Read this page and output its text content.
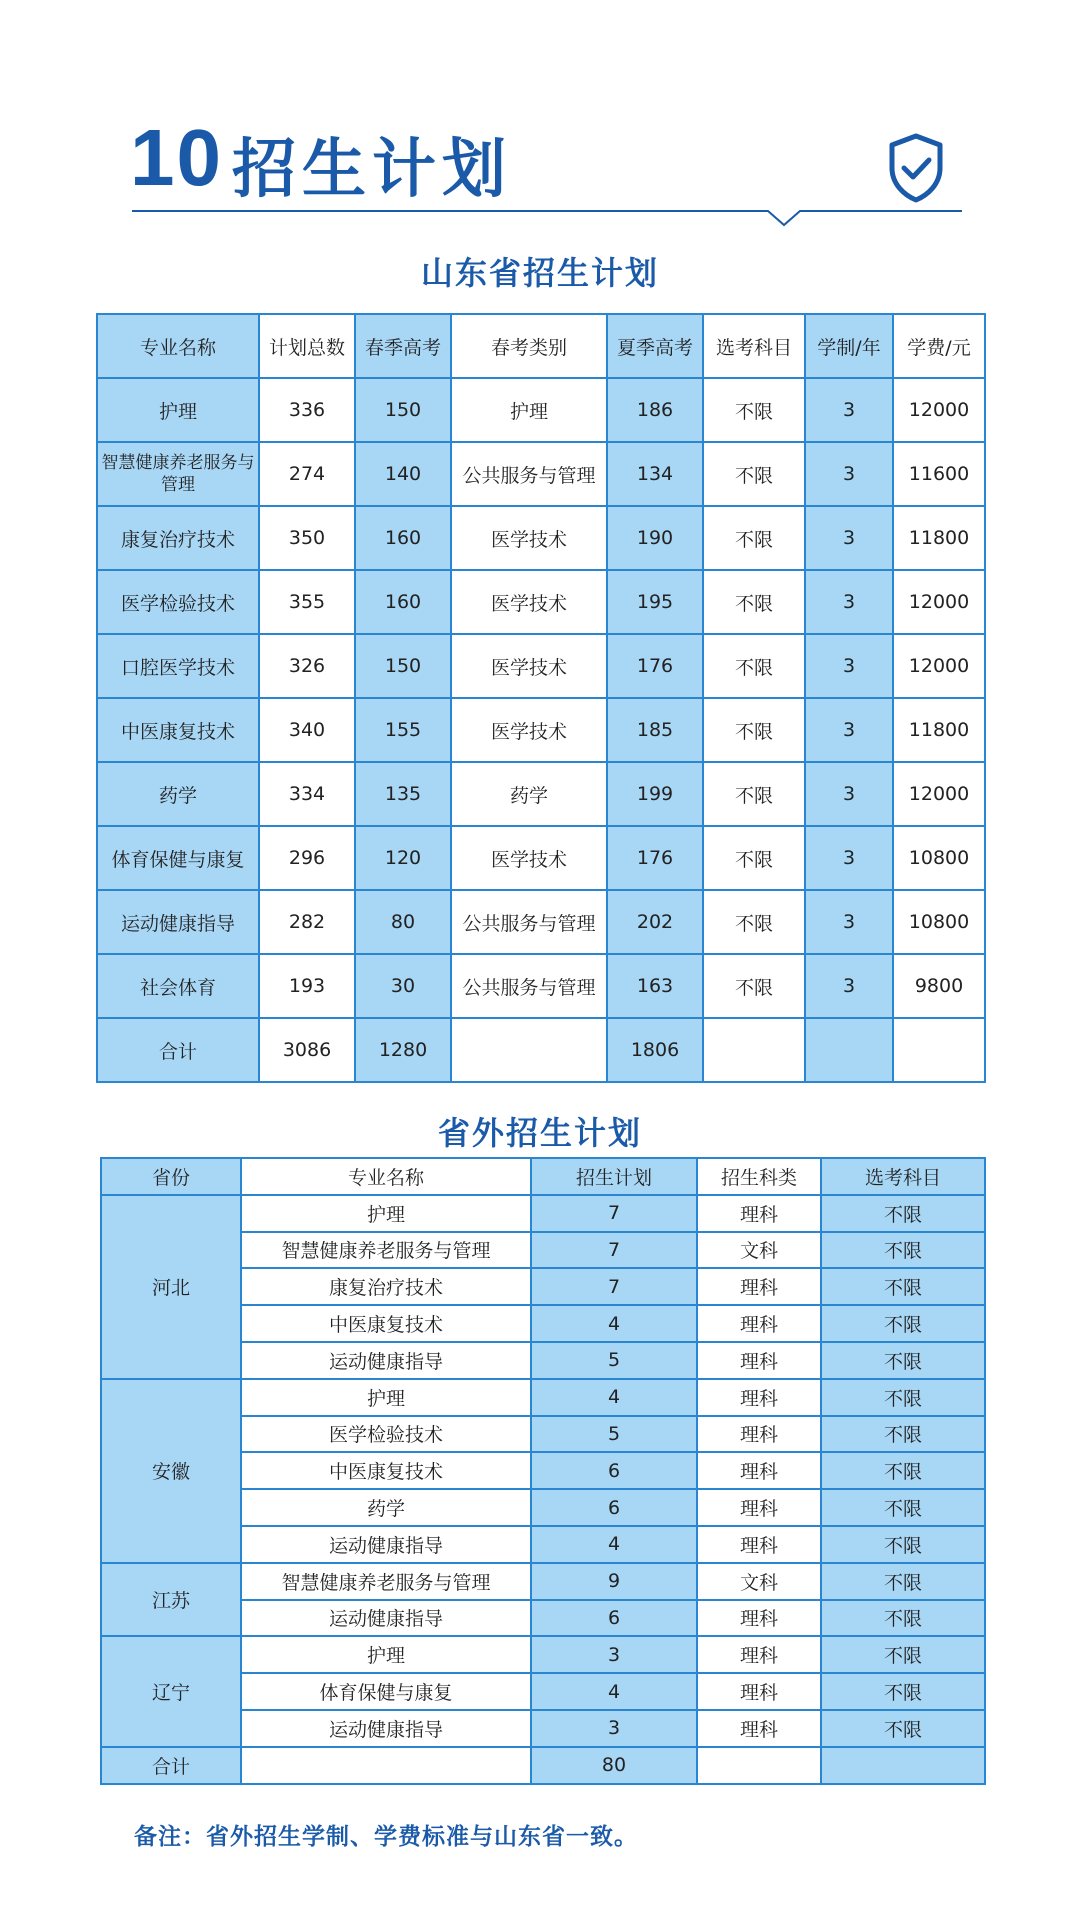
10 招生计划
山东省招生计划
专业名称	计划总数	春季高考	春考类别	夏季高考	选考科目	学制/年	学费/元
护理	336	150	护理	186	不限	3	12000
智慧健康养老服务与管理	274	140	公共服务与管理	134	不限	3	11600
康复治疗技术	350	160	医学技术	190	不限	3	11800
医学检验技术	355	160	医学技术	195	不限	3	12000
口腔医学技术	326	150	医学技术	176	不限	3	12000
中医康复技术	340	155	医学技术	185	不限	3	11800
药学	334	135	药学	199	不限	3	12000
体育保健与康复	296	120	医学技术	176	不限	3	10800
运动健康指导	282	80	公共服务与管理	202	不限	3	10800
社会体育	193	30	公共服务与管理	163	不限	3	9800
合计	3086	1280		1806			
省外招生计划
省份	专业名称	招生计划	招生科类	选考科目
河北	护理	7	理科	不限
	智慧健康养老服务与管理	7	文科	不限
	康复治疗技术	7	理科	不限
	中医康复技术	4	理科	不限
	运动健康指导	5	理科	不限
安徽	护理	4	理科	不限
	医学检验技术	5	理科	不限
	中医康复技术	6	理科	不限
	药学	6	理科	不限
	运动健康指导	4	理科	不限
江苏	智慧健康养老服务与管理	9	文科	不限
	运动健康指导	6	理科	不限
辽宁	护理	3	理科	不限
	体育保健与康复	4	理科	不限
	运动健康指导	3	理科	不限
合计		80		
备注：省外招生学制、学费标准与山东省一致。
